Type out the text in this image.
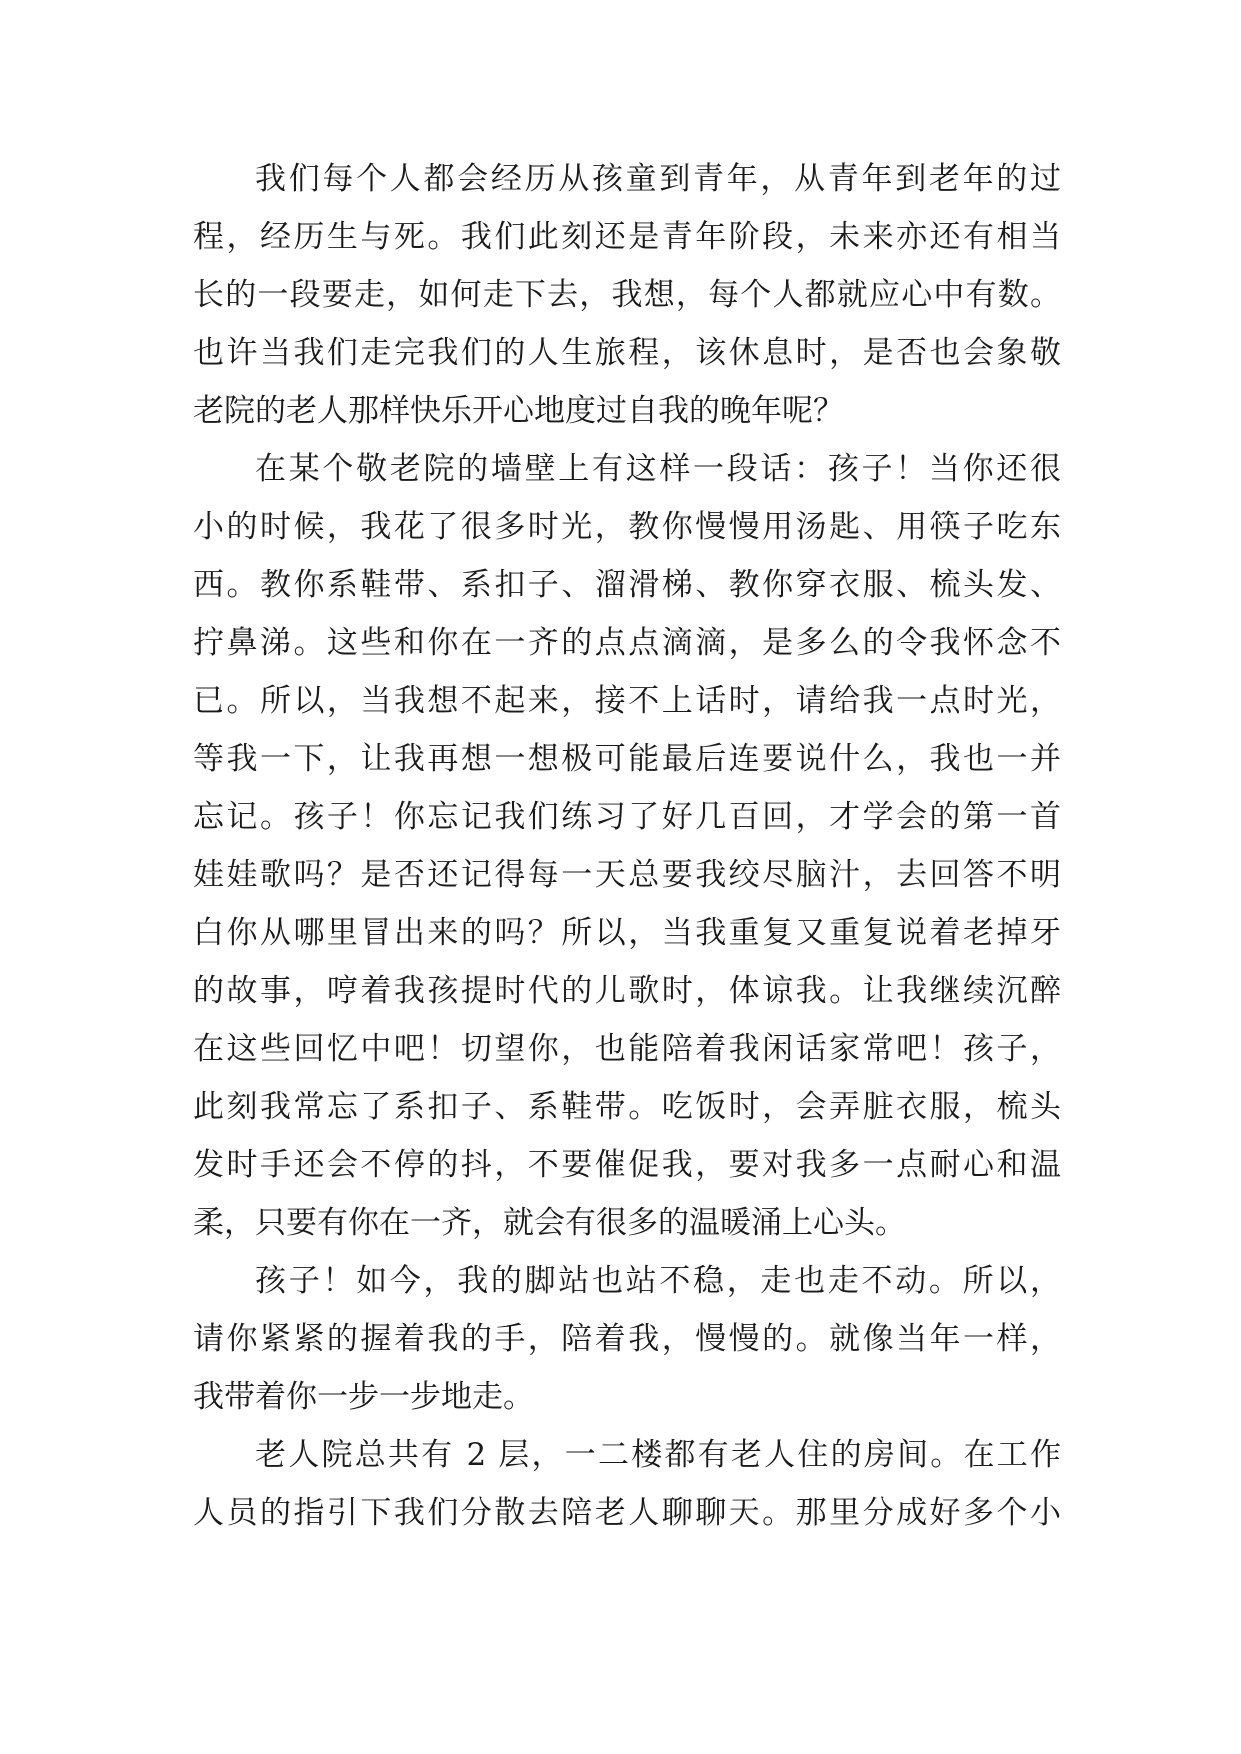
我们每个人都会经历从孩童到青年，从青年到老年的过
程，经历生与死。我们此刻还是青年阶段，未来亦还有相当
长的一段要走，如何走下去，我想，每个人都就应心中有数。
也许当我们走完我们的人生旅程，该休息时，是否也会象敬
老院的老人那样快乐开心地度过自我的晚年呢？
在某个敬老院的墙壁上有这样一段话：孩子！当你还很
小的时候，我花了很多时光，教你慢慢用汤匙、用筷子吃东
西。教你系鞋带、系扣子、溜滑梯、教你穿衣服、梳头发、
拧鼻涕。这些和你在一齐的点点滴滴，是多么的令我怀念不
已。所以，当我想不起来，接不上话时，请给我一点时光，
等我一下，让我再想一想极可能最后连要说什么，我也一并
忘记。孩子！你忘记我们练习了好几百回，才学会的第一首
娃娃歌吗？是否还记得每一天总要我绞尽脑汁，去回答不明
白你从哪里冒出来的吗？所以，当我重复又重复说着老掉牙
的故事，哼着我孩提时代的儿歌时，体谅我。让我继续沉醉
在这些回忆中吧！切望你，也能陪着我闲话家常吧！孩子，
此刻我常忘了系扣子、系鞋带。吃饭时，会弄脏衣服，梳头
发时手还会不停的抖，不要催促我，要对我多一点耐心和温
柔，只要有你在一齐，就会有很多的温暖涌上心头。
孩子！如今，我的脚站也站不稳，走也走不动。所以，
请你紧紧的握着我的手，陪着我，慢慢的。就像当年一样，
我带着你一步一步地走。
老人院总共有 2 层，一二楼都有老人住的房间。在工作
人员的指引下我们分散去陪老人聊聊天。那里分成好多个小
